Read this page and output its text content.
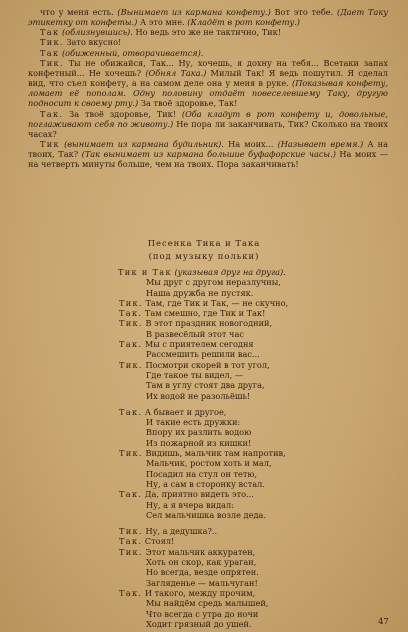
что у меня есть. (Вынимает из кармана конфету.) Вот это тебе. (Дает Таку этикетку от конфеты.) А это мне. (Кладёт в рот конфету.)

Так (облизнувшись). Но ведь это же не тактично, Тик!

Тик. Зато вкусно!

Так (обиженный, отворачивается).

Тик. Ты не обижайся, Так... Ну, хочешь, я дохну на тебя... Всетаки запах конфетный... Не хочешь? (Обнял Така.) Милый Так! Я ведь пошутил. Я сделал вид, что съел конфету, а на самом деле она у меня в руке. (Показывая конфету, ломает её пополам. Одну половину отдаёт повеселевшему Таку, другую подносит к своему рту.) За твоё здоровье, Так!

Так. За твоё здоровье, Тик! (Оба кладут в рот конфету и, довольные, поглаживают себя по животу.) Не пора ли заканчивать, Тик? Сколько на твоих часах?

Тик (вынимает из кармана будильник). На моих... (Называет время.) А на твоих, Так? (Так вынимает из кармана большие буфафорские часы.) На моих — на четверть минуты больше, чем на твоих. Пора заканчивать!

Песенка Тика и Така
(под музыку польки)
Тик и Так (указывая друг на друга).
Мы друг с другом неразлучны,
Наша дружба не пустяк.
Тик. Там, где Тик и Так, — не скучно,
Так. Там смешно, где Тик и Так!
Тик. В этот праздник новогодний,
В развесёлый этот час
Так. Мы с приятелем сегодня
Рассмешить решили вас...
Тик. Посмотри скорей в тот угол,
Где такое ты видел, —
Там в углу стоят два друга,
Их водой не разольёшь!
Так. А бывает и другое,
И такие есть дружки:
Впору их разлить водою
Из пожарной из кишки!
Тик. Видишь, мальчик там напротив,
Мальчик, ростом хоть и мал,
Посадил на стул он тетю,
Ну, а сам в сторонку встал.
Так. Да, приятно видеть это...
Ну, а я вчера видал:
Сел мальчишка возле деда.
Тик. Ну, а дедушка?..
Так. Стоял!
Тик. Этот мальчик аккуратен,
Хоть он скор, как ураган,
Но всегда, везде опрятен.
Загляденье — мальчуган!
Так. И такого, между прочим,
Мы найдём средь малышей,
Что всегда с утра до ночи
Ходит грязный до ушей.	47
